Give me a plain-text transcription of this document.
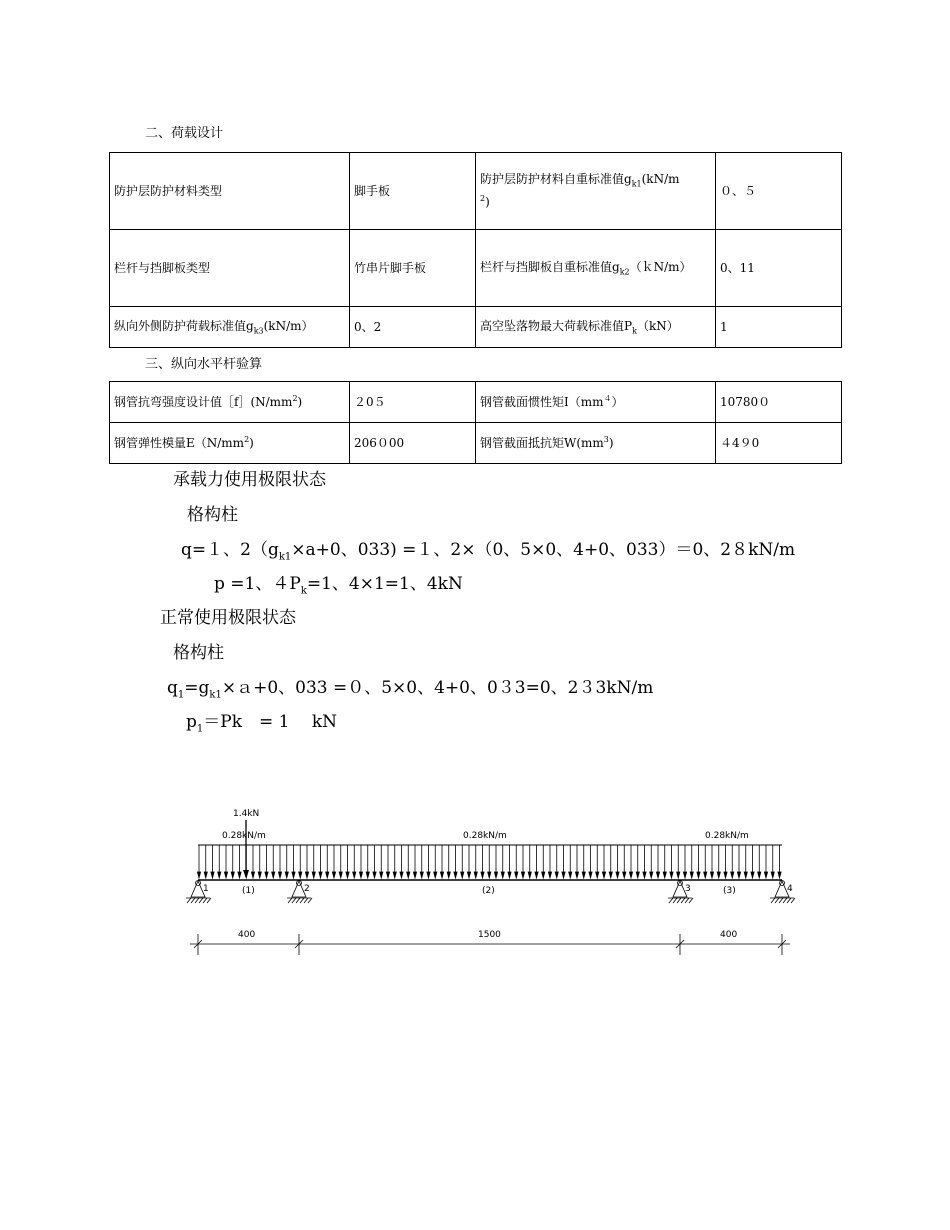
二、荷载设计
防护层防护材料类型	脚手板	防护层防护材料自重标准值$g_{k1}(kN/m$
$^2$)	０、５
栏杆与挡脚板类型	竹串片脚手板	栏杆与挡脚板自重标准值$g_{k2}(kN/m)$	0、11
纵向外侧防护荷载标准值$g_{k3}(kN/m)$	0、2	高空坠落物最大荷载标准值$P_k(kN)$	1
三、纵向水平杆验算
钢管抗弯强度设计值$[f](N/mm^2)$	２0５	钢管截面惯性矩$I(mm^4)$	10780０
钢管弹性模量$E(N/mm^2)$	206０00	钢管截面抵抗矩$W(mm^3)$	４4９0
承载力使用极限状态
格构柱
q=１、$2(g_{k1}\times a+0$、033) =１、2×（0、5×0、4+0、033）＝0、2８kN/m
p =1、$4P_k=1$、4×1=1、4kN
正常使用极限状态
格构柱
$q_1=g_{k1}\times a+0$、033 =０、5×0、4+0、0３3=0、2３3kN/m
$p_1=Pk$　= 1　 kN
1.4kN
0.28kN/m	0.28kN/m	0.28kN/m
1	2	3	4
(1)	(2)	(3)
400	1500	400
